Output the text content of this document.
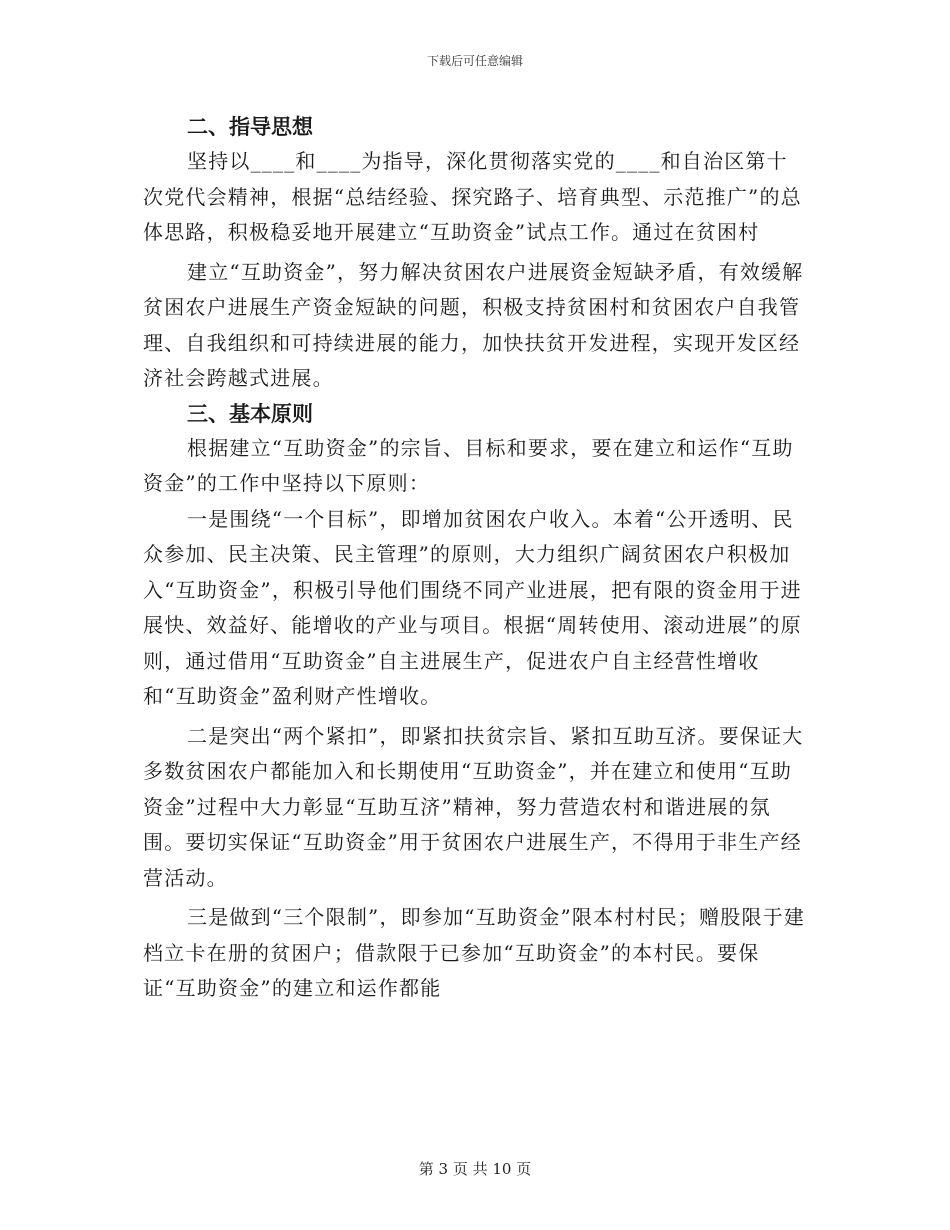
下载后可任意编辑
二、指导思想

坚持以____和____为指导，深化贯彻落实党的____和自治区第十次党代会精神，根据“总结经验、探究路子、培育典型、示范推广”的总体思路，积极稳妥地开展建立“互助资金”试点工作。通过在贫困村

建立“互助资金”，努力解决贫困农户进展资金短缺矛盾，有效缓解贫困农户进展生产资金短缺的问题，积极支持贫困村和贫困农户自我管理、自我组织和可持续进展的能力，加快扶贫开发进程，实现开发区经济社会跨越式进展。

三、基本原则

根据建立“互助资金”的宗旨、目标和要求，要在建立和运作“互助资金”的工作中坚持以下原则：

一是围绕“一个目标”，即增加贫困农户收入。本着“公开透明、民众参加、民主决策、民主管理”的原则，大力组织广阔贫困农户积极加入“互助资金”，积极引导他们围绕不同产业进展，把有限的资金用于进展快、效益好、能增收的产业与项目。根据“周转使用、滚动进展”的原则，通过借用“互助资金”自主进展生产，促进农户自主经营性增收和“互助资金”盈利财产性增收。

二是突出“两个紧扣”，即紧扣扶贫宗旨、紧扣互助互济。要保证大多数贫困农户都能加入和长期使用“互助资金”，并在建立和使用“互助资金”过程中大力彰显“互助互济”精神，努力营造农村和谐进展的氛围。要切实保证“互助资金”用于贫困农户进展生产，不得用于非生产经营活动。

三是做到“三个限制”，即参加“互助资金”限本村村民；赠股限于建档立卡在册的贫困户；借款限于已参加“互助资金”的本村民。要保证“互助资金”的建立和运作都能

第 3 页 共 10 页
